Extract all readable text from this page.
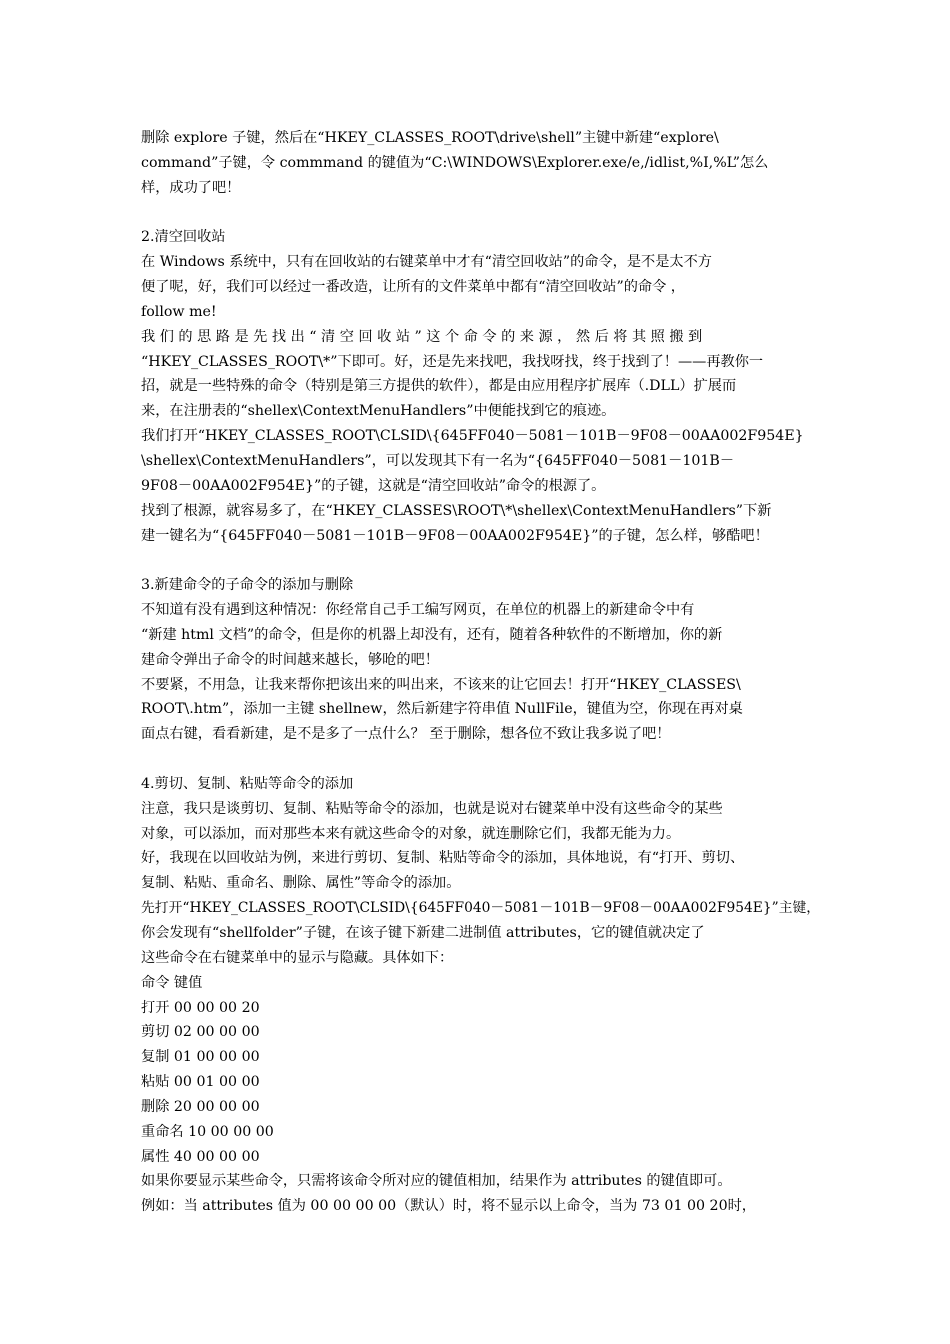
删除 explore 子键，然后在“HKEY_CLASSES_ROOT\drive\shell”主键中新建“explore\
command”子键，令 commmand 的键值为“C:\WINDOWS\Explorer.exe/e,/idlist,%I,%L”怎么
样，成功了吧！
2.清空回收站
在 Windows 系统中，只有在回收站的右键菜单中才有“清空回收站”的命令，是不是太不方
便了呢，好，我们可以经过一番改造，让所有的文件菜单中都有“清空回收站”的命令 ，
follow me!
我 们 的 思 路 是 先 找 出 “ 清 空 回 收 站 ” 这 个 命 令 的 来 源 ， 然 后 将 其 照 搬 到
“HKEY_CLASSES_ROOT\*”下即可。好，还是先来找吧，我找呀找，终于找到了！——再教你一
招，就是一些特殊的命令（特别是第三方提供的软件），都是由应用程序扩展库（.DLL）扩展而
来，在注册表的“shellex\ContextMenuHandlers”中便能找到它的痕迹。
我们打开“HKEY_CLASSES_ROOT\CLSID\{645FF040－5081－101B－9F08－00AA002F954E}
\shellex\ContextMenuHandlers”，可以发现其下有一名为“{645FF040－5081－101B－
9F08－00AA002F954E}”的子键，这就是“清空回收站”命令的根源了。
找到了根源，就容易多了，在“HKEY_CLASSES\ROOT\*\shellex\ContextMenuHandlers”下新
建一键名为“{645FF040－5081－101B－9F08－00AA002F954E}”的子键，怎么样，够酷吧！
3.新建命令的子命令的添加与删除
不知道有没有遇到这种情况：你经常自己手工编写网页，在单位的机器上的新建命令中有
“新建 html 文档”的命令，但是你的机器上却没有，还有，随着各种软件的不断增加，你的新
建命令弹出子命令的时间越来越长，够呛的吧！
不要紧，不用急，让我来帮你把该出来的叫出来，不该来的让它回去！打开“HKEY_CLASSES\
ROOT\.htm”，添加一主键 shellnew，然后新建字符串值 NullFile，键值为空，你现在再对桌
面点右键，看看新建，是不是多了一点什么？ 至于删除，想各位不致让我多说了吧！
4.剪切、复制、粘贴等命令的添加
注意，我只是谈剪切、复制、粘贴等命令的添加，也就是说对右键菜单中没有这些命令的某些
对象，可以添加，而对那些本来有就这些命令的对象，就连删除它们，我都无能为力。
好，我现在以回收站为例，来进行剪切、复制、粘贴等命令的添加，具体地说，有“打开、剪切、
复制、粘贴、重命名、删除、属性”等命令的添加。
先打开“HKEY_CLASSES_ROOT\CLSID\{645FF040－5081－101B－9F08－00AA002F954E}”主键，
你会发现有“shellfolder”子键，在该子键下新建二进制值 attributes，它的键值就决定了
这些命令在右键菜单中的显示与隐藏。具体如下：
命令 键值
打开 00 00 00 20
剪切 02 00 00 00
复制 01 00 00 00
粘贴 00 01 00 00
删除 20 00 00 00
重命名 10 00 00 00
属性 40 00 00 00
如果你要显示某些命令，只需将该命令所对应的键值相加，结果作为 attributes 的键值即可。
例如：当 attributes 值为 00 00 00 00（默认）时，将不显示以上命令，当为 73 01 00 20时，
